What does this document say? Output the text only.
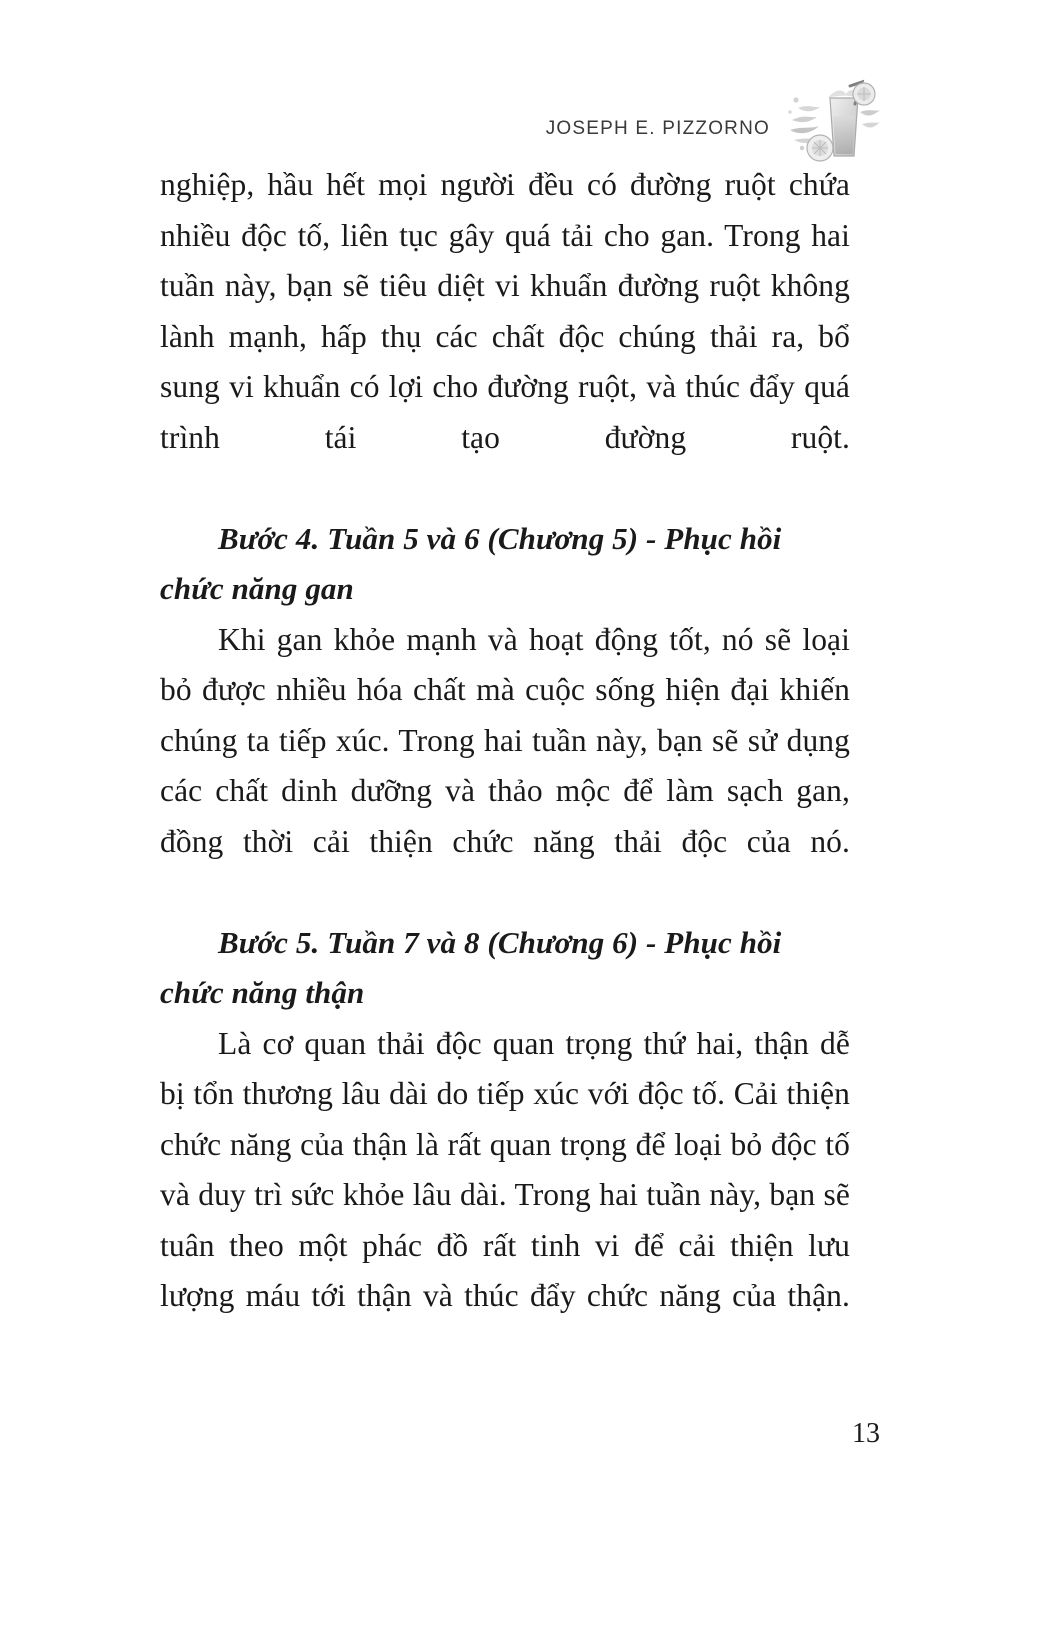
JOSEPH E. PIZZORNO

nghiệp, hầu hết mọi người đều có đường ruột chứa nhiều độc tố, liên tục gây quá tải cho gan. Trong hai tuần này, bạn sẽ tiêu diệt vi khuẩn đường ruột không lành mạnh, hấp thụ các chất độc chúng thải ra, bổ sung vi khuẩn có lợi cho đường ruột, và thúc đẩy quá trình tái tạo đường ruột.

Bước 4. Tuần 5 và 6 (Chương 5) - Phục hồi chức năng gan

Khi gan khỏe mạnh và hoạt động tốt, nó sẽ loại bỏ được nhiều hóa chất mà cuộc sống hiện đại khiến chúng ta tiếp xúc. Trong hai tuần này, bạn sẽ sử dụng các chất dinh dưỡng và thảo mộc để làm sạch gan, đồng thời cải thiện chức năng thải độc của nó.

Bước 5. Tuần 7 và 8 (Chương 6) - Phục hồi chức năng thận

Là cơ quan thải độc quan trọng thứ hai, thận dễ bị tổn thương lâu dài do tiếp xúc với độc tố. Cải thiện chức năng của thận là rất quan trọng để loại bỏ độc tố và duy trì sức khỏe lâu dài. Trong hai tuần này, bạn sẽ tuân theo một phác đồ rất tinh vi để cải thiện lưu lượng máu tới thận và thúc đẩy chức năng của thận.

13
